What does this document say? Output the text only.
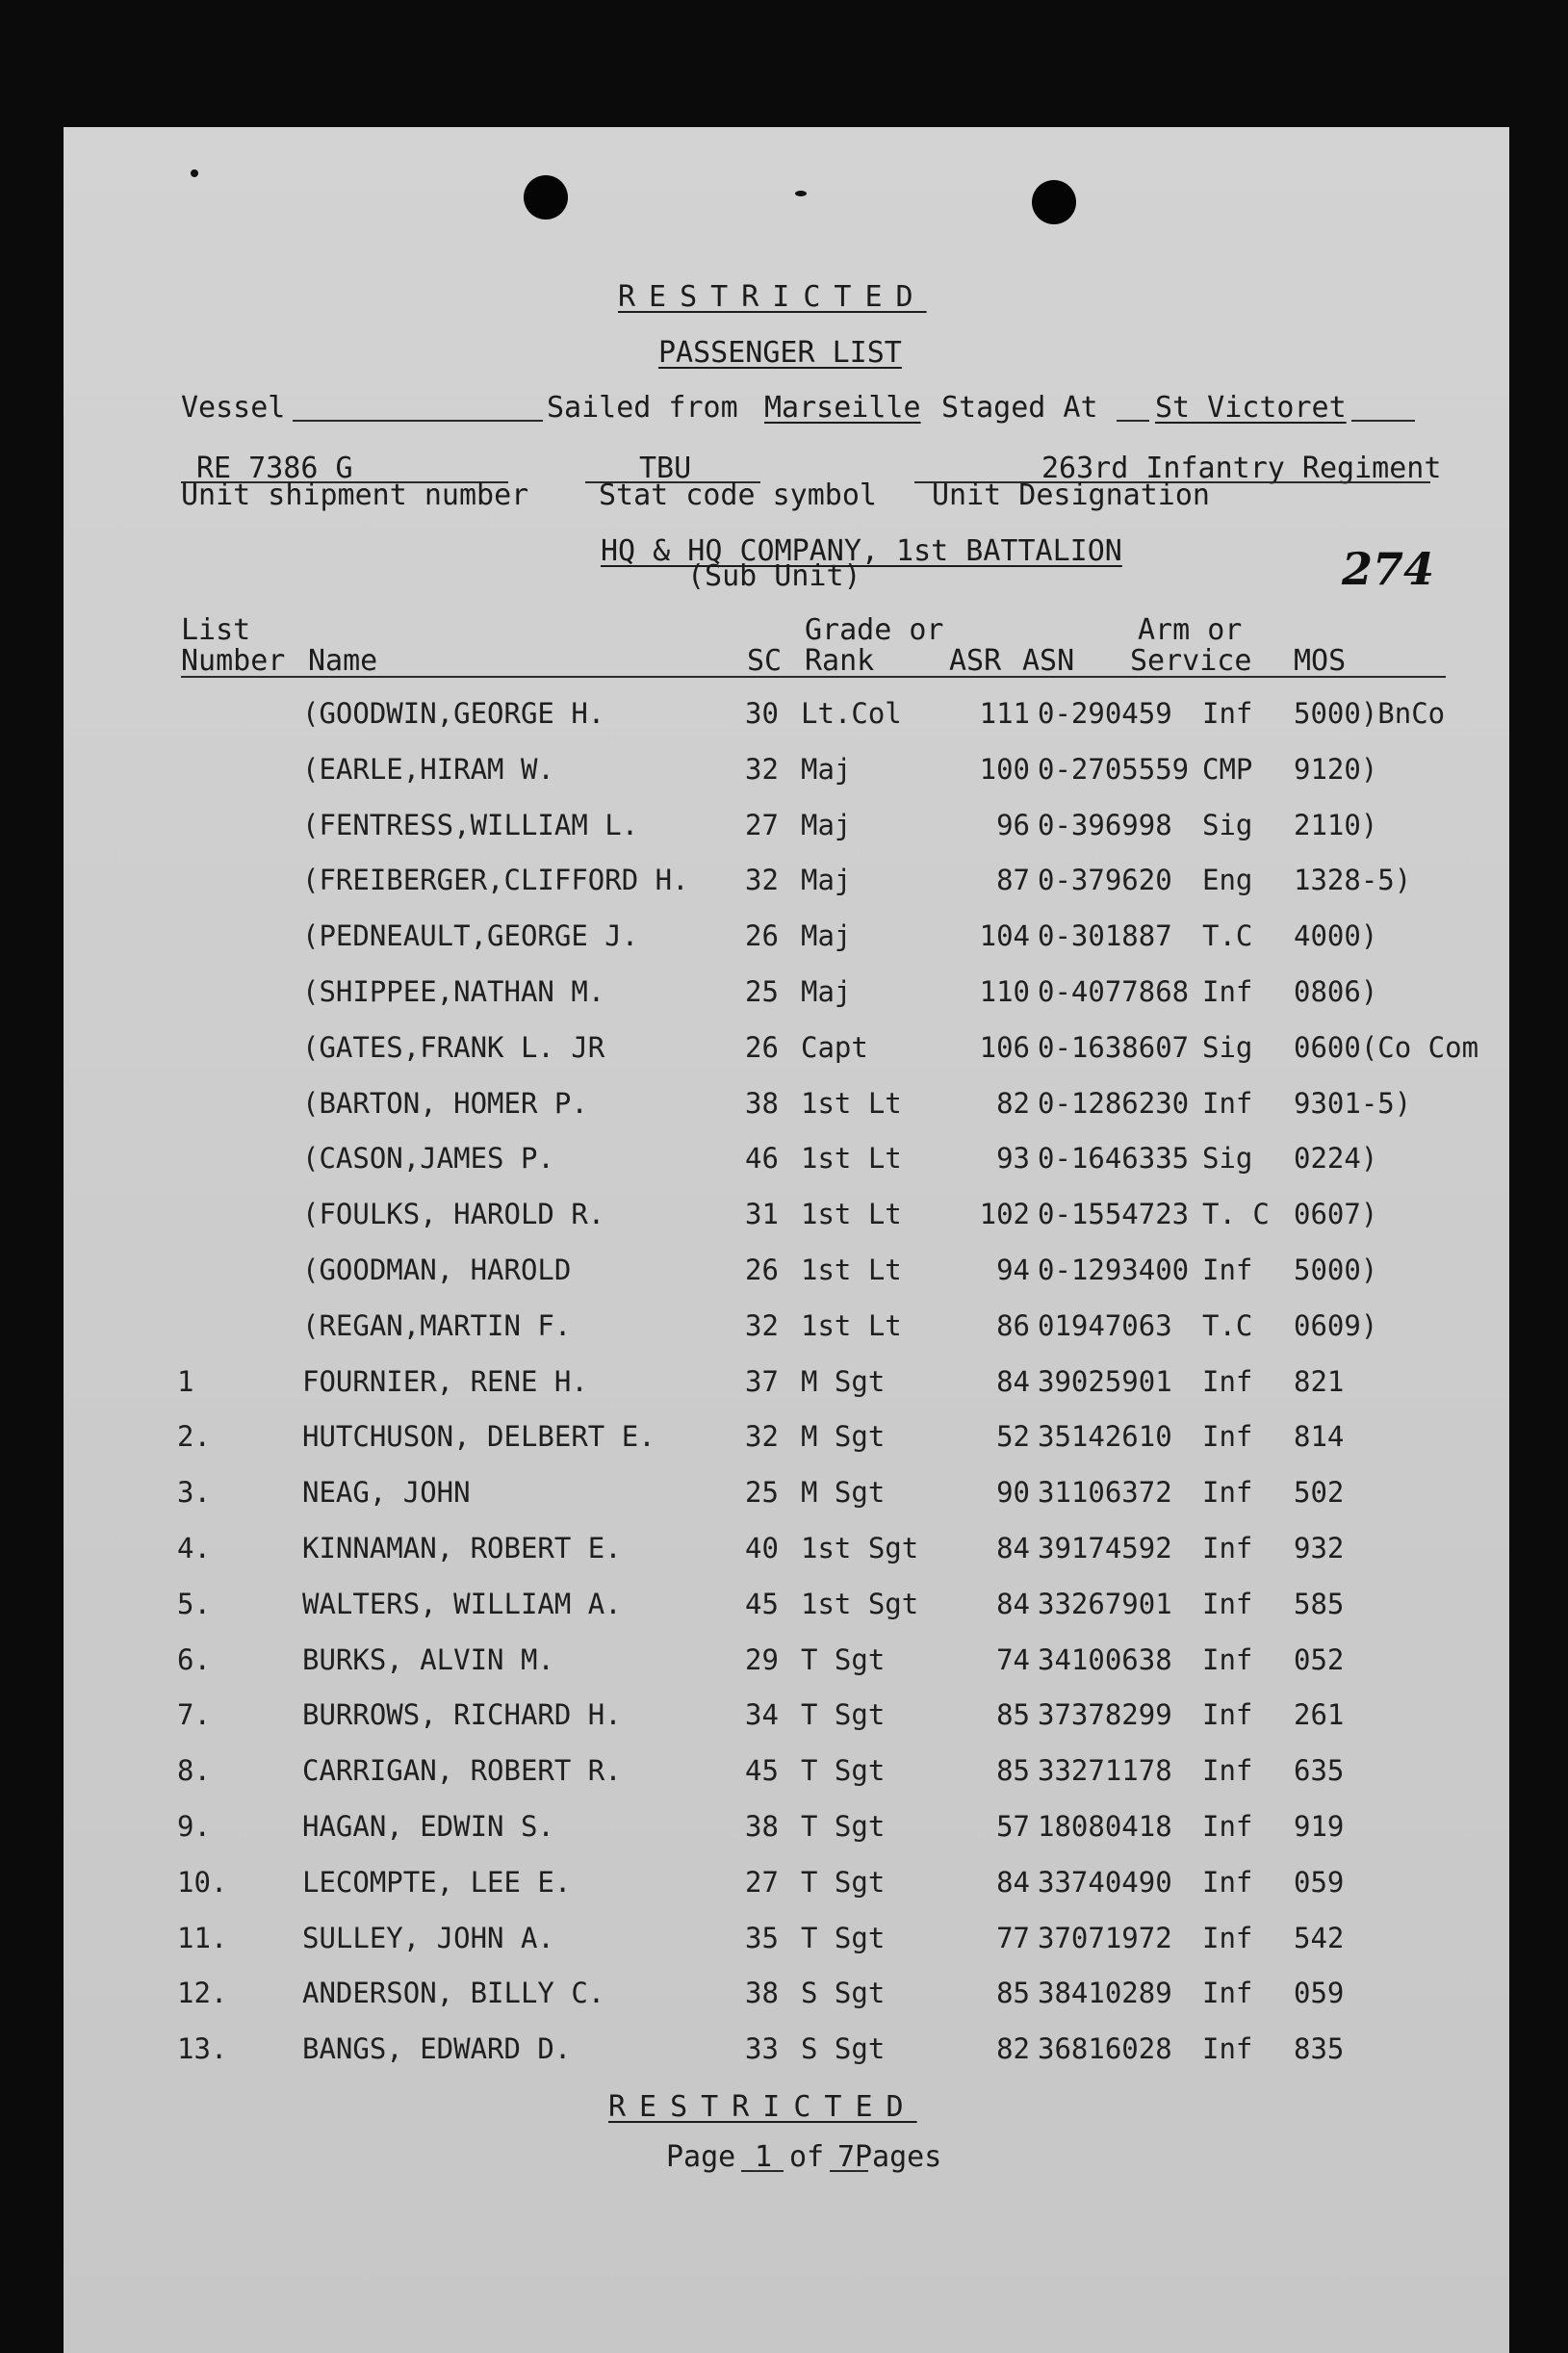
RESTRICTED
PASSENGER LIST
Vessel	Sailed from Marseille Staged At St Victoret
RE 7386 G
Unit shipment number
TBU
Stat code symbol
263rd Infantry Regiment
Unit Designation
HQ & HQ COMPANY, 1st BATTALION
(Sub Unit)	274
List
Number Name	SC
Grade or
Rank	ASR ASN
Arm or
Service MOS
(GOODWIN,GEORGE H.	30 Lt.Col	111 0-290459 Inf 5000)BnCo
(EARLE,HIRAM W.	32 Maj	100 0-2705559 CMP 9120)
(FENTRESS,WILLIAM L.	27 Maj	96 0-396998 Sig 2110)
(FREIBERGER,CLIFFORD H. 32 Maj	87 0-379620 Eng 1328-5)
(PEDNEAULT,GEORGE J.	26 Maj	104 0-301887 T.C 4000)
(SHIPPEE,NATHAN M.	25 Maj	110 0-4077868 Inf 0806)
(GATES,FRANK L. JR	26 Capt	106 0-1638607 Sig 0600(Co Com
(BARTON, HOMER P.	38 1st Lt	82 0-1286230 Inf 9301-5)
(CASON,JAMES P.	46 1st Lt	93 0-1646335 Sig 0224)
(FOULKS, HAROLD R.	31 1st Lt	102 0-1554723 T. C 0607)
(GOODMAN, HAROLD	26 1st Lt	94 0-1293400 Inf 5000)
(REGAN,MARTIN F.	32 1st Lt	86 01947063 T.C 0609)
1	FOURNIER, RENE H.	37 M Sgt	84 39025901 Inf 821
2.	HUTCHUSON, DELBERT E.	32 M Sgt	52 35142610 Inf 814
3.	NEAG, JOHN	25 M Sgt	90 31106372 Inf 502
4.	KINNAMAN, ROBERT E.	40 1st Sgt	84 39174592 Inf 932
5.	WALTERS, WILLIAM A.	45 1st Sgt	84 33267901 Inf 585
6.	BURKS, ALVIN M.	29 T Sgt	74 34100638 Inf 052
7.	BURROWS, RICHARD H.	34 T Sgt	85 37378299 Inf 261
8.	CARRIGAN, ROBERT R.	45 T Sgt	85 33271178 Inf 635
9.	HAGAN, EDWIN S.	38 T Sgt	57 18080418 Inf 919
10.	LECOMPTE, LEE E.	27 T Sgt	84 33740490 Inf 059
11.	SULLEY, JOHN A.	35 T Sgt	77 37071972 Inf 542
12.	ANDERSON, BILLY C.	38 S Sgt	85 38410289 Inf 059
13.	BANGS, EDWARD D.	33 S Sgt	82 36816028 Inf 835
RESTRICTED
Page 1 of 7 Pages
